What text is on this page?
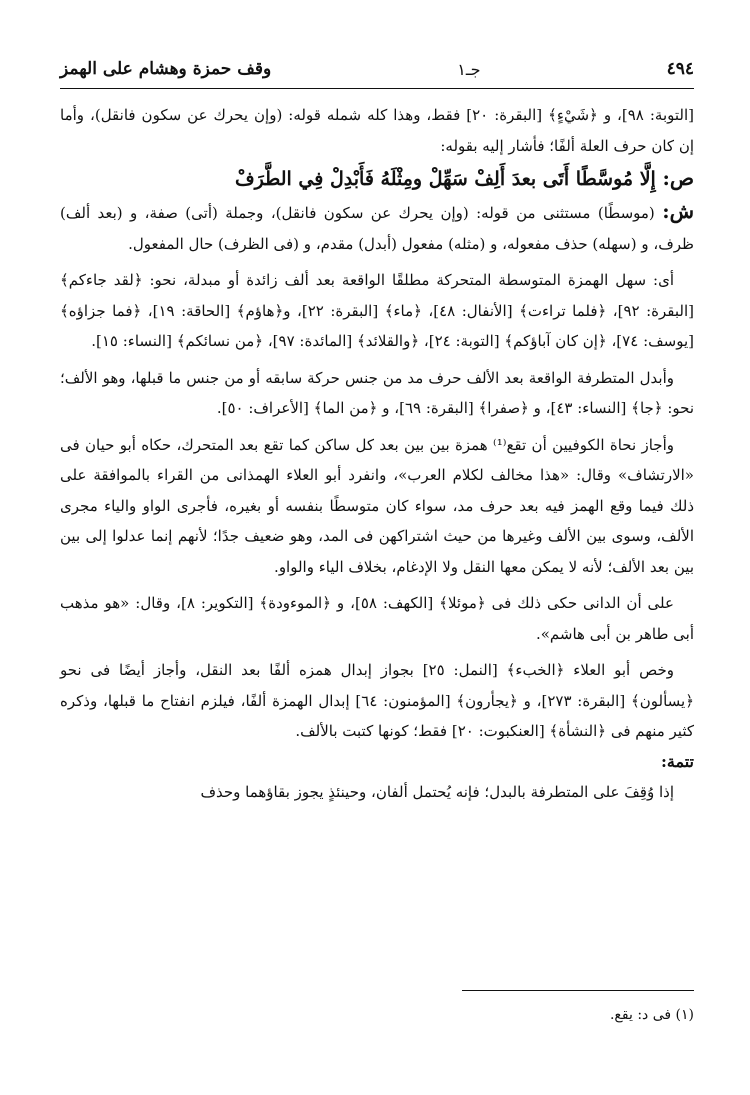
٤٩٤
جـ١
وقف حمزة وهشام على الهمز

[التوبة: ٩٨]، و ﴿شَيْءٍ﴾ [البقرة: ٢٠] فقط، وهذا كله شمله قوله: (وإن يحرك عن سكون فانقل)، وأما إن كان حرف العلة ألفًا؛ فأشار إليه بقوله:

ص: إِلَّا مُوسَّطًا أَتَى بعدَ أَلِفْ سَهِّلْ ومِثْلَهُ فَأَبْدِلْ فِي الطَّرَفْ

ش: (موسطًا) مستثنى من قوله: (وإن يحرك عن سكون فانقل)، وجملة (أتى) صفة، و (بعد ألف) ظرف، و (سهله) حذف مفعوله، و (مثله) مفعول (أبدل) مقدم، و (فى الظرف) حال المفعول.

أى: سهل الهمزة المتوسطة المتحركة مطلقًا الواقعة بعد ألف زائدة أو مبدلة، نحو: ﴿لقد جاءكم﴾ [البقرة: ٩٢]، ﴿فلما تراءت﴾ [الأنفال: ٤٨]، ﴿ماء﴾ [البقرة: ٢٢]، و﴿هاؤم﴾ [الحاقة: ١٩]، ﴿فما جزاؤه﴾ [يوسف: ٧٤]، ﴿إن كان آباؤكم﴾ [التوبة: ٢٤]، ﴿والقلائد﴾ [المائدة: ٩٧]، ﴿من نسائكم﴾ [النساء: ١٥].

وأبدل المتطرفة الواقعة بعد الألف حرف مد من جنس حركة سابقه أو من جنس ما قبلها، وهو الألف؛ نحو: ﴿جا﴾ [النساء: ٤٣]، و ﴿صفرا﴾ [البقرة: ٦٩]، و ﴿من الما﴾ [الأعراف: ٥٠].

وأجاز نحاة الكوفيين أن تقع⁽¹⁾ همزة بين بين بعد كل ساكن كما تقع بعد المتحرك، حكاه أبو حيان فى «الارتشاف» وقال: «هذا مخالف لكلام العرب»، وانفرد أبو العلاء الهمذانى من القراء بالموافقة على ذلك فيما وقع الهمز فيه بعد حرف مد، سواء كان متوسطًا بنفسه أو بغيره، فأجرى الواو والياء مجرى الألف، وسوى بين الألف وغيرها من حيث اشتراكهن فى المد، وهو ضعيف جدًا؛ لأنهم إنما عدلوا إلى بين بين بعد الألف؛ لأنه لا يمكن معها النقل ولا الإدغام، بخلاف الياء والواو.

على أن الدانى حكى ذلك فى ﴿موئلا﴾ [الكهف: ٥٨]، و ﴿الموءودة﴾ [التكوير: ٨]، وقال: «هو مذهب أبى طاهر بن أبى هاشم».

وخص أبو العلاء ﴿الخبء﴾ [النمل: ٢٥] بجواز إبدال همزه ألفًا بعد النقل، وأجاز أيضًا فى نحو ﴿يسألون﴾ [البقرة: ٢٧٣]، و ﴿يجأرون﴾ [المؤمنون: ٦٤] إبدال الهمزة ألفًا، فيلزم انفتاح ما قبلها، وذكره كثير منهم فى ﴿النشأة﴾ [العنكبوت: ٢٠] فقط؛ كونها كتبت بالألف.

تتمة:

إذا وُقِفَ على المتطرفة بالبدل؛ فإنه يُحتمل ألفان، وحينئذٍ يجوز بقاؤهما وحذف

(١) فى د: يقع.
